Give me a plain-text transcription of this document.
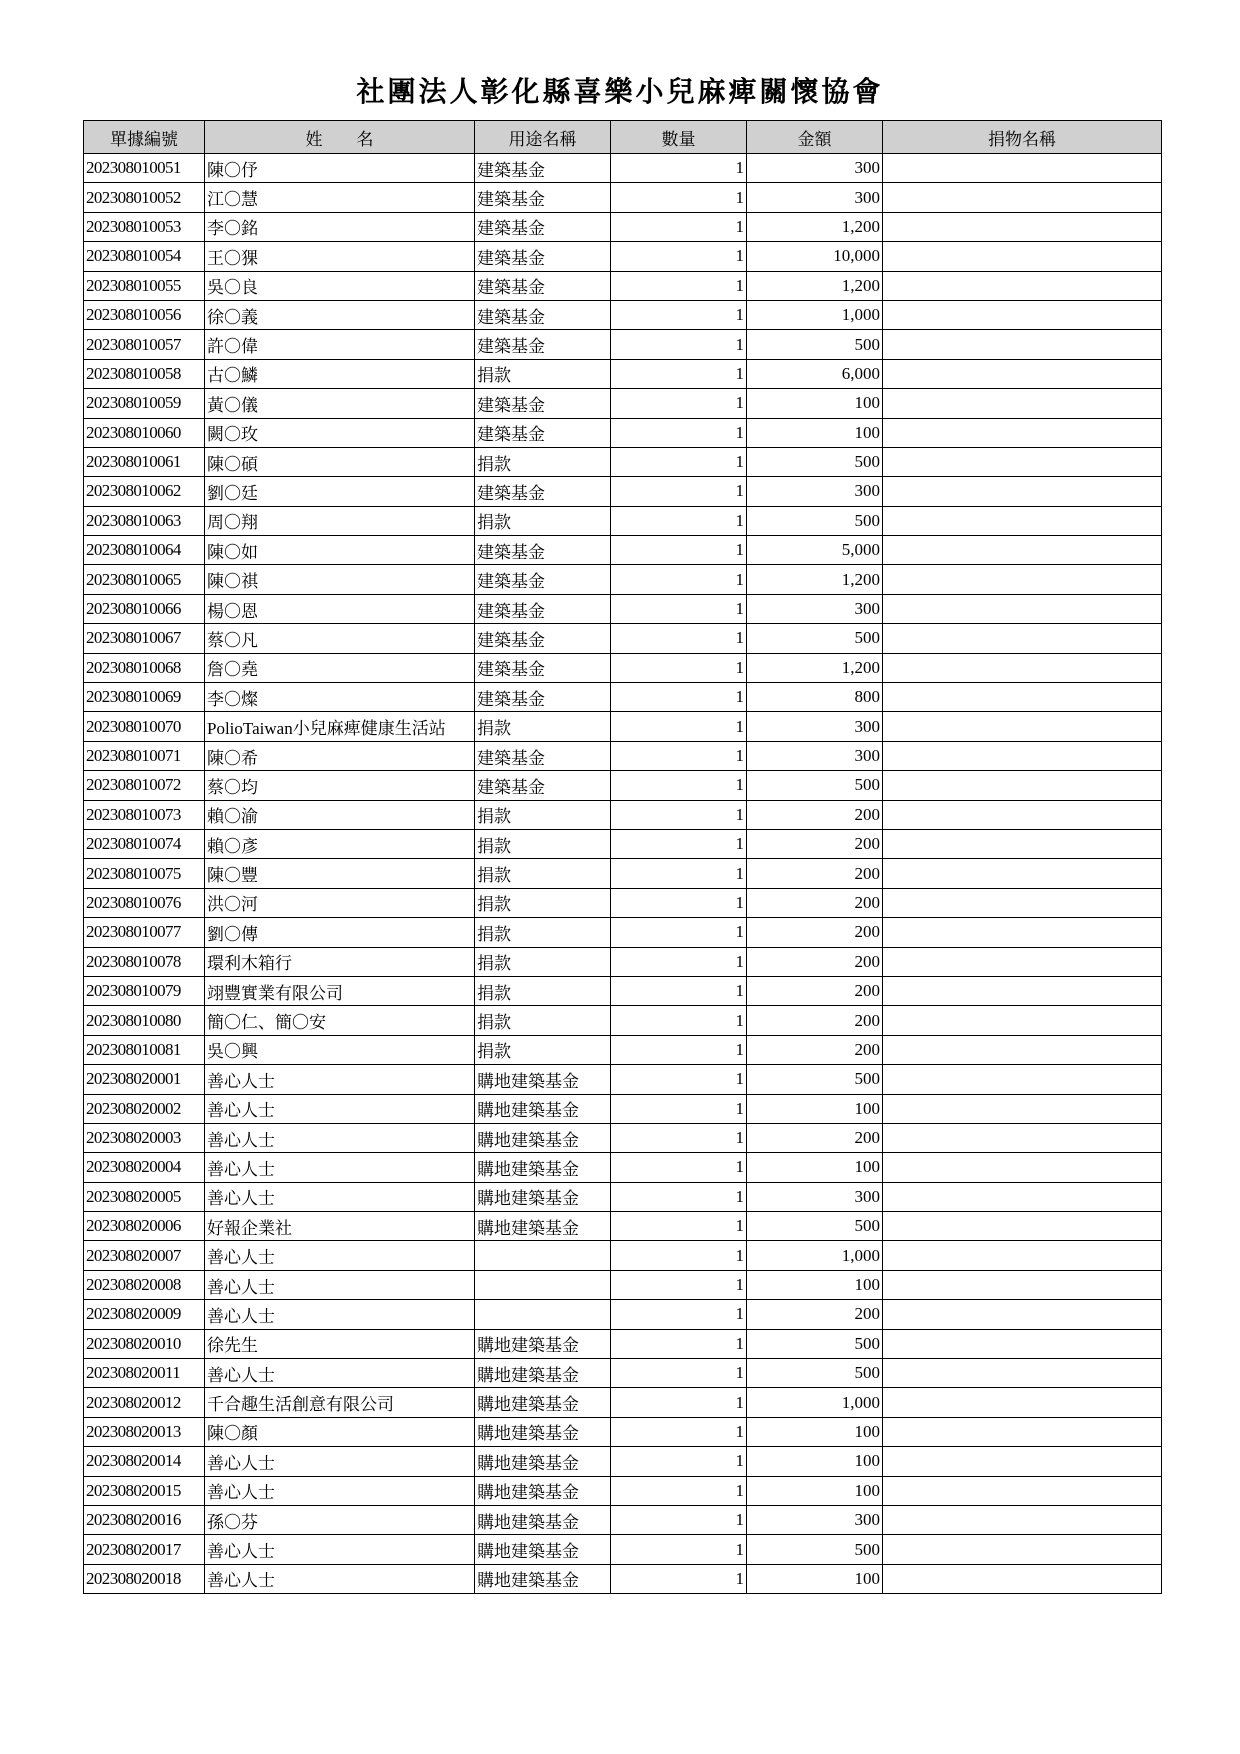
社團法人彰化縣喜樂小兒麻痺關懷協會
單據編號	姓　　名	用途名稱	數量	金額	捐物名稱
202308010051	陳〇伃	建築基金	1	300	
202308010052	江〇慧	建築基金	1	300	
202308010053	李〇銘	建築基金	1	1,200	
202308010054	王〇猓	建築基金	1	10,000	
202308010055	吳〇良	建築基金	1	1,200	
202308010056	徐〇義	建築基金	1	1,000	
202308010057	許〇偉	建築基金	1	500	
202308010058	古〇鱗	捐款	1	6,000	
202308010059	黃〇儀	建築基金	1	100	
202308010060	闕〇玫	建築基金	1	100	
202308010061	陳〇碩	捐款	1	500	
202308010062	劉〇廷	建築基金	1	300	
202308010063	周〇翔	捐款	1	500	
202308010064	陳〇如	建築基金	1	5,000	
202308010065	陳〇祺	建築基金	1	1,200	
202308010066	楊〇恩	建築基金	1	300	
202308010067	蔡〇凡	建築基金	1	500	
202308010068	詹〇堯	建築基金	1	1,200	
202308010069	李〇燦	建築基金	1	800	
202308010070	PolioTaiwan小兒麻痺健康生活站	捐款	1	300	
202308010071	陳〇希	建築基金	1	300	
202308010072	蔡〇均	建築基金	1	500	
202308010073	賴〇渝	捐款	1	200	
202308010074	賴〇彥	捐款	1	200	
202308010075	陳〇豐	捐款	1	200	
202308010076	洪〇河	捐款	1	200	
202308010077	劉〇傳	捐款	1	200	
202308010078	環利木箱行	捐款	1	200	
202308010079	翊豐實業有限公司	捐款	1	200	
202308010080	簡〇仁、簡〇安	捐款	1	200	
202308010081	吳〇興	捐款	1	200	
202308020001	善心人士	購地建築基金	1	500	
202308020002	善心人士	購地建築基金	1	100	
202308020003	善心人士	購地建築基金	1	200	
202308020004	善心人士	購地建築基金	1	100	
202308020005	善心人士	購地建築基金	1	300	
202308020006	好報企業社	購地建築基金	1	500	
202308020007	善心人士		1	1,000	
202308020008	善心人士		1	100	
202308020009	善心人士		1	200	
202308020010	徐先生	購地建築基金	1	500	
202308020011	善心人士	購地建築基金	1	500	
202308020012	千合趣生活創意有限公司	購地建築基金	1	1,000	
202308020013	陳〇顏	購地建築基金	1	100	
202308020014	善心人士	購地建築基金	1	100	
202308020015	善心人士	購地建築基金	1	100	
202308020016	孫〇芬	購地建築基金	1	300	
202308020017	善心人士	購地建築基金	1	500	
202308020018	善心人士	購地建築基金	1	100	
